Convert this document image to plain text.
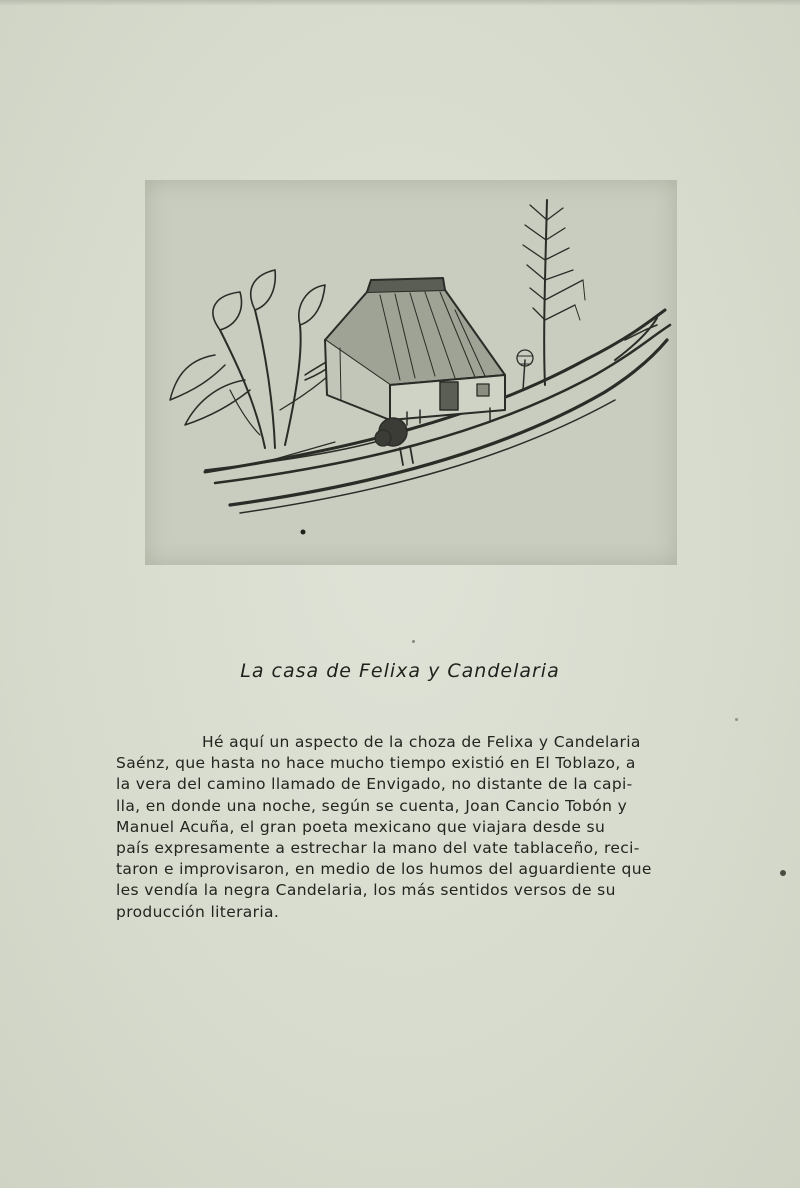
La casa de Felixa y Candelaria
Hé aquí un aspecto de la choza de Felixa y Candelaria
Saénz, que hasta no hace mucho tiempo existió en El Toblazo, a
la vera del camino llamado de Envigado, no distante de la capi-
lla, en donde una noche, según se cuenta, Joan Cancio Tobón y
Manuel Acuña, el gran poeta mexicano que viajara desde su
país expresamente a estrechar la mano del vate tablaceño, reci-
taron e improvisaron, en medio de los humos del aguardiente que
les vendía la negra Candelaria, los más sentidos versos de su
producción literaria.
